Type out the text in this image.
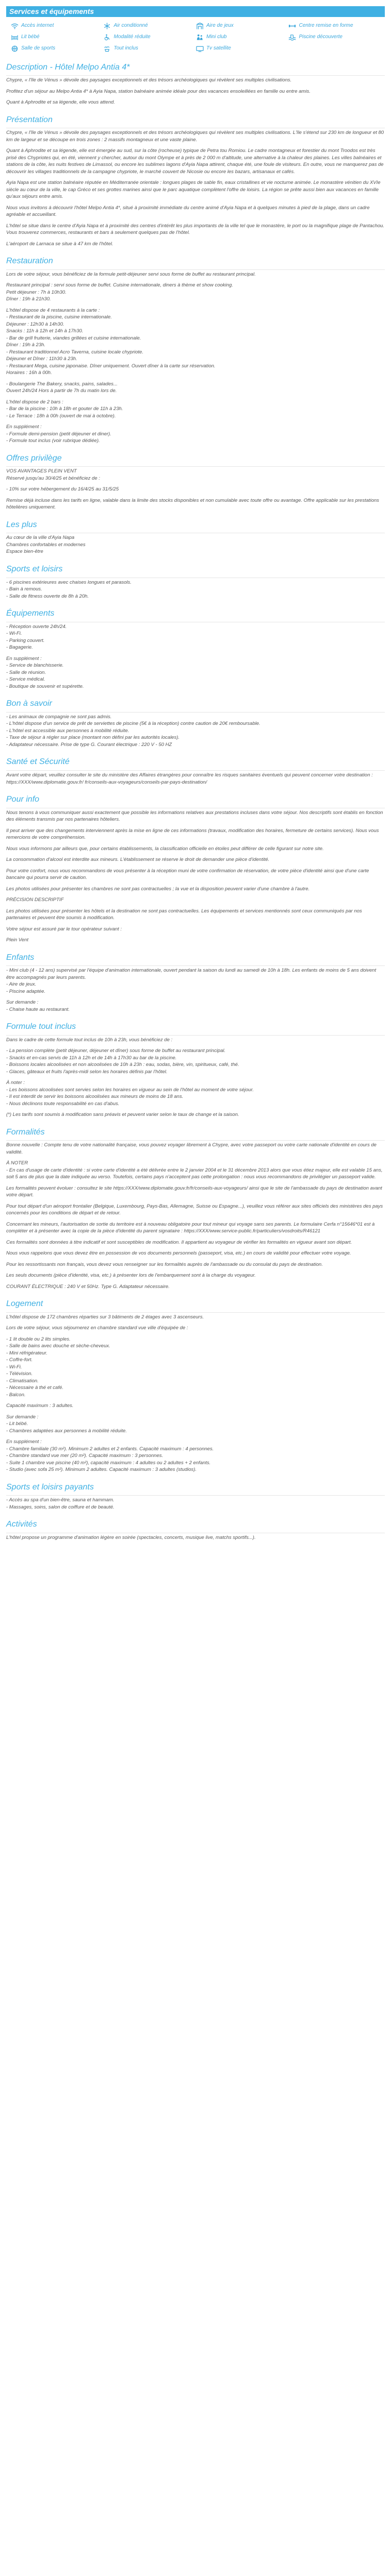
Services et équipements
Accès internet	Air conditionné	Aire de jeux	Centre remise en forme
Lit bébé	Modalité réduite	Mini club	Piscine découverte
Salle de sports	Tout inclus	Tv satellite
Description - Hôtel Melpo Antia 4*

Chypre, « l'île de Vénus » dévoile des paysages exceptionnels et des trésors archéologiques qui révèlent ses multiples civilisations.

Profitez d'un séjour au Melpo Antia 4* à Ayia Napa, station balnéaire animée idéale pour des vacances ensoleillées en famille ou entre amis.

Quant à Aphrodite et sa légende, elle vous attend.

Présentation

Chypre, « l'île de Vénus » dévoile des paysages exceptionnels et des trésors archéologiques qui révèlent ses multiples civilisations. L'île s'étend sur 230 km de longueur et 80 km de largeur et se découpe en trois zones : 2 massifs montagneux et une vaste plaine.

Quant à Aphrodite et sa légende, elle est émergée au sud, sur la côte (rocheuse) typique de Petra tou Romiou. Le cadre montagneux et forestier du mont Troodos est très prisé des Chypriotes qui, en été, viennent y chercher, autour du mont Olympe et à près de 2 000 m d'altitude, une alternative à la chaleur des plaines. Les villes balnéaires et stations de la côte, les nuits festives de Limassol, ou encore les sublimes lagons d'Ayia Napa attirent, chaque été, une foule de visiteurs. En outre, vous ne manquerez pas de découvrir les villages traditionnels de la campagne chypriote, le marché couvert de Nicosie ou encore les bazars, artisanaux et cafés.

Ayia Napa est une station balnéaire réputée en Méditerranée orientale : longues plages de sable fin, eaux cristallines et vie nocturne animée. Le monastère vénitien du XVIe siècle au cœur de la ville, le cap Gréco et ses grottes marines ainsi que le parc aquatique complètent l'offre de loisirs. La région se prête aussi bien aux vacances en famille qu'aux séjours entre amis.

Nous vous invitons à découvrir l'hôtel Melpo Antia 4*, situé à proximité immédiate du centre animé d'Ayia Napa et à quelques minutes à pied de la plage, dans un cadre agréable et accueillant.

L'hôtel se situe dans le centre d'Ayia Napa et à proximité des centres d'intérêt les plus importants de la ville tel que le monastère, le port ou la magnifique plage de Pantachou. Vous trouverez commerces, restaurants et bars à seulement quelques pas de l'hôtel.

L'aéroport de Larnaca se situe à 47 km de l'hôtel.

Restauration
Lors de votre séjour, vous bénéficiez de la formule petit-déjeuner servi sous forme de buffet au restaurant principal.
Restaurant principal : servi sous forme de buffet. Cuisine internationale, diners à thème et show cooking.
Petit déjeuner : 7h à 10h30.
Dîner : 19h à 21h30.
L'hôtel dispose de 4 restaurants à la carte :
- Restaurant de la piscine, cuisine internationale.
Déjeuner : 12h30 à 14h30.
Snacks : 11h à 12h et 14h à 17h30.
- Bar de grill fruiterie, viandes grillées et cuisine internationale.
Dîner : 19h à 23h.
- Restaurant traditionnel Acro Taverna, cuisine locale chypriote.
Déjeuner et Dîner : 11h30 à 23h.
- Restaurant Mega, cuisine japonaise. Dîner uniquement. Ouvert dîner à la carte sur réservation.
Horaires : 16h à 00h.
- Boulangerie The Bakery, snacks, pains, salades...
Ouvert 24h/24 Hors à partir de 7h du matin lors de.
L'hôtel dispose de 2 bars :
- Bar de la piscine : 10h à 18h et gouter de 11h à 23h.
- Le Terrace : 18h à 00h (ouvert de mai à octobre).
En supplément :
- Formule demi-pension (petit déjeuner et diner).
- Formule tout inclus (voir rubrique dédiée).
Offres privilège
VOS AVANTAGES PLEIN VENT
Réservé jusqu'au 30/4/25 et bénéficiez de :
- 10% sur votre hébergement du 16/4/25 au 31/5/25
Remise déjà incluse dans les tarifs en ligne, valable dans la limite des stocks disponibles et non cumulable avec toute offre ou avantage. Offre applicable sur les prestations hôtelières uniquement.
Les plus
Au cœur de la ville d'Ayia Napa
Chambres confortables et modernes
Espace bien-être
Sports et loisirs
- 6 piscines extérieures avec chaises longues et parasols.
- Bain à remous.
- Salle de fitness ouverte de 8h à 20h.
Équipements
- Réception ouverte 24h/24.
- Wi-Fi.
- Parking couvert.
- Bagagerie.
En supplément :
- Service de blanchisserie.
- Salle de réunion.
- Service médical.
- Boutique de souvenir et supérette.
Bon à savoir
- Les animaux de compagnie ne sont pas admis.
- L'hôtel dispose d'un service de prêt de serviettes de piscine (5€ à la réception) contre caution de 20€ remboursable.
- L'hôtel est accessible aux personnes à mobilité réduite.
- Taxe de séjour à régler sur place (montant non défini par les autorités locales).
- Adaptateur nécessaire. Prise de type G. Courant électrique : 220 V - 50 HZ
Santé et Sécurité

Avant votre départ, veuillez consulter le site du ministère des Affaires étrangères pour connaître les risques sanitaires éventuels qui peuvent concerner votre destination : https://XXX/www.diplomatie.gouv.fr/ fr/conseils-aux-voyageurs/conseils-par-pays-destination/

Pour info

Nous tenons à vous communiquer aussi exactement que possible les informations relatives aux prestations incluses dans votre séjour. Nos descriptifs sont établis en fonction des éléments transmis par nos partenaires hôteliers.

Il peut arriver que des changements interviennent après la mise en ligne de ces informations (travaux, modification des horaires, fermeture de certains services). Nous vous remercions de votre compréhension.

Nous vous informons par ailleurs que, pour certains établissements, la classification officielle en étoiles peut différer de celle figurant sur notre site.

La consommation d'alcool est interdite aux mineurs. L'établissement se réserve le droit de demander une pièce d'identité.

Pour votre confort, nous vous recommandons de vous présenter à la réception muni de votre confirmation de réservation, de votre pièce d'identité ainsi que d'une carte bancaire qui pourra servir de caution.

Les photos utilisées pour présenter les chambres ne sont pas contractuelles ; la vue et la disposition peuvent varier d'une chambre à l'autre.

PRÉCISION DESCRIPTIF

Les photos utilisées pour présenter les hôtels et la destination ne sont pas contractuelles. Les équipements et services mentionnés sont ceux communiqués par nos partenaires et peuvent être soumis à modification.

Votre séjour est assuré par le tour opérateur suivant :

Plein Vent

Enfants
- Mini club (4 - 12 ans) supervisé par l'équipe d'animation internationale, ouvert pendant la saison du lundi au samedi de 10h à 18h. Les enfants de moins de 5 ans doivent être accompagnés par leurs parents.
- Aire de jeux.
- Piscine adaptée.
Sur demande :
- Chaise haute au restaurant.
Formule tout inclus

Dans le cadre de cette formule tout inclus de 10h à 23h, vous bénéficiez de :

- La pension complète (petit déjeuner, déjeuner et dîner) sous forme de buffet au restaurant principal.
- Snacks et en-cas servis de 11h à 12h et de 14h à 17h30 au bar de la piscine.
- Boissons locales alcoolisées et non alcoolisées de 10h à 23h : eau, sodas, bière, vin, spiritueux, café, thé.
- Glaces, gâteaux et fruits l'après-midi selon les horaires définis par l'hôtel.
À noter :
- Les boissons alcoolisées sont servies selon les horaires en vigueur au sein de l'hôtel au moment de votre séjour.
- Il est interdit de servir les boissons alcoolisées aux mineurs de moins de 18 ans.
- Nous déclinons toute responsabilité en cas d'abus.
(*) Les tarifs sont soumis à modification sans préavis et peuvent varier selon le taux de change et la saison.
Formalités

Bonne nouvelle : Compte tenu de votre nationalité française, vous pouvez voyager librement à Chypre, avec votre passeport ou votre carte nationale d'identité en cours de validité.

À NOTER

- En cas d'usage de carte d'identité : si votre carte d'identité a été délivrée entre le 2 janvier 2004 et le 31 décembre 2013 alors que vous étiez majeur, elle est valable 15 ans, soit 5 ans de plus que la date indiquée au verso. Toutefois, certains pays n'acceptent pas cette prolongation : nous vous recommandons de privilégier un passeport valide.

Les formalités peuvent évoluer : consultez le site https://XXX/www.diplomatie.gouv.fr/fr/conseils-aux-voyageurs/ ainsi que le site de l'ambassade du pays de destination avant votre départ.

Pour tout départ d'un aéroport frontalier (Belgique, Luxembourg, Pays-Bas, Allemagne, Suisse ou Espagne...), veuillez vous référer aux sites officiels des ministères des pays concernés pour les conditions de départ et de retour.

Concernant les mineurs, l'autorisation de sortie du territoire est à nouveau obligatoire pour tout mineur qui voyage sans ses parents. Le formulaire Cerfa n°15646*01 est à compléter et à présenter avec la copie de la pièce d'identité du parent signataire : https://XXX/www.service-public.fr/particuliers/vosdroits/R46121

Ces formalités sont données à titre indicatif et sont susceptibles de modification. Il appartient au voyageur de vérifier les formalités en vigueur avant son départ.

Nous vous rappelons que vous devez être en possession de vos documents personnels (passeport, visa, etc.) en cours de validité pour effectuer votre voyage.

Pour les ressortissants non français, vous devez vous renseigner sur les formalités auprès de l'ambassade ou du consulat du pays de destination.

Les seuls documents (pièce d'identité, visa, etc.) à présenter lors de l'embarquement sont à la charge du voyageur.

COURANT ÉLECTRIQUE : 240 V et 50Hz. Type G. Adaptateur nécessaire.

Logement
L'hôtel dispose de 172 chambres réparties sur 3 bâtiments de 2 étages avec 3 ascenseurs.
Lors de votre séjour, vous séjournerez en chambre standard vue ville d'équipée de :
- 1 lit double ou 2 lits simples.
- Salle de bains avec douche et sèche-cheveux.
- Mini réfrigérateur.
- Coffre-fort.
- Wi-Fi.
- Télévision.
- Climatisation.
- Nécessaire à thé et café.
- Balcon.
Capacité maximum : 3 adultes.
Sur demande :
- Lit bébé.
- Chambres adaptées aux personnes à mobilité réduite.
En supplément :
- Chambre familiale (30 m²). Minimum 2 adultes et 2 enfants. Capacité maximum : 4 personnes.
- Chambre standard vue mer (20 m²). Capacité maximum : 3 personnes.
- Suite 1 chambre vue piscine (40 m²), capacité maximum : 4 adultes ou 2 adultes + 2 enfants.
- Studio (avec sofa 25 m²). Minimum 2 adultes. Capacité maximum : 3 adultes (studios).
Sports et loisirs payants
- Accès au spa d'un bien-être, sauna et hammam.
- Massages, soins, salon de coiffure et de beauté.
Activités
L'hôtel propose un programme d'animation légère en soirée (spectacles, concerts, musique live, matchs sportifs...).
